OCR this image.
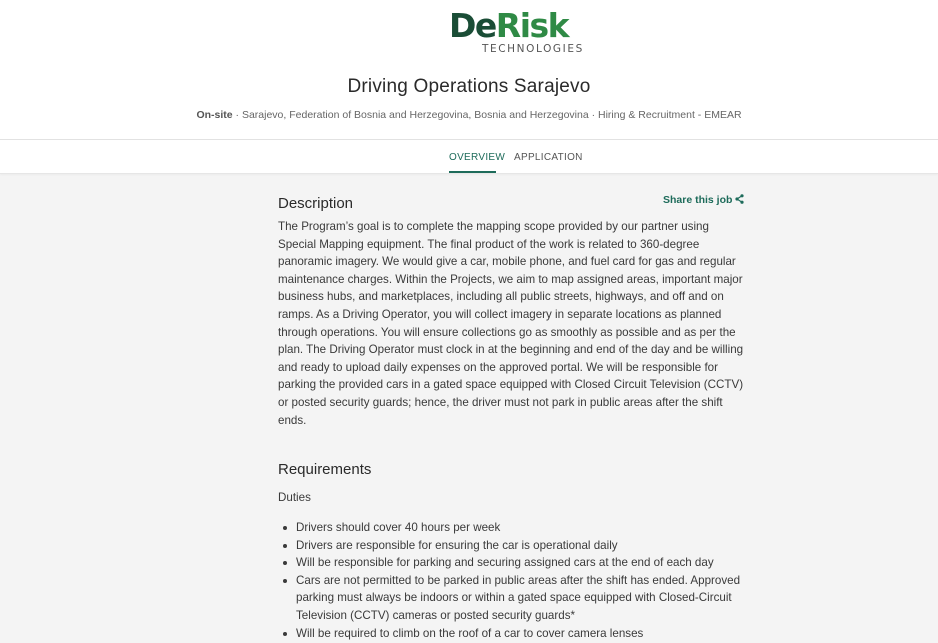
DeRisk
TECHNOLOGIES
Driving Operations Sarajevo
On-site · Sarajevo, Federation of Bosnia and Herzegovina, Bosnia and Herzegovina · Hiring & Recruitment - EMEAR
OVERVIEW APPLICATION
Description	Share this job

The Program’s goal is to complete the mapping scope provided by our partner using Special Mapping equipment. The final product of the work is related to 360-degree panoramic imagery. We would give a car, mobile phone, and fuel card for gas and regular maintenance charges. Within the Projects, we aim to map assigned areas, important major business hubs, and marketplaces, including all public streets, highways, and off and on ramps. As a Driving Operator, you will collect imagery in separate locations as planned through operations. You will ensure collections go as smoothly as possible and as per the plan. The Driving Operator must clock in at the beginning and end of the day and be willing and ready to upload daily expenses on the approved portal. We will be responsible for parking the provided cars in a gated space equipped with Closed Circuit Television (CCTV) or posted security guards; hence, the driver must not park in public areas after the shift ends.

Requirements
Duties
Drivers should cover 40 hours per week
Drivers are responsible for ensuring the car is operational daily
Will be responsible for parking and securing assigned cars at the end of each day
Cars are not permitted to be parked in public areas after the shift has ended. Approved parking must always be indoors or within a gated space equipped with Closed-Circuit Television (CCTV) cameras or posted security guards*
Will be required to climb on the roof of a car to cover camera lenses
